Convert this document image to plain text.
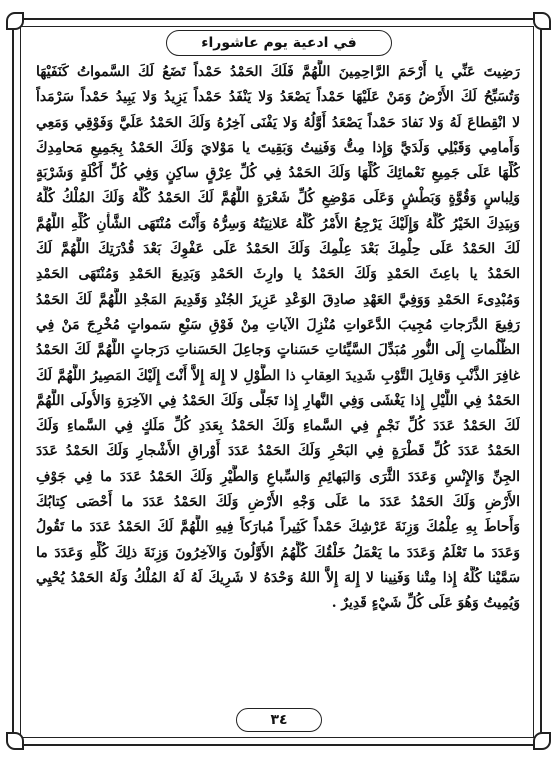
في ادعية يوم عاشوراء
رَضِيتَ عَنِّي يا أَرْحَمَ الرَّاحِمِينَ اللَّهُمَّ فَلَكَ الحَمْدُ حَمْداً تَضَعُ لَكَ السَّمواتُ كَنَفَيْهَا
وَتُسَبِّحُ لَكَ الأَرْضُ وَمَنْ عَلَيْهَا حَمْداً يَصْعَدُ وَلا يَنْفَدُ حَمْداً يَزِيدُ وَلا يَبِيدُ حَمْداً سَرْمَداً
لا انْقِطاعَ لَهُ وَلا نَفادَ حَمْداً يَصْعَدُ أَوَّلُهُ وَلا يَفْنَى آخِرُهُ وَلَكَ الحَمْدُ عَلَيَّ وَفَوْقِي وَمَعِي
وَأَمامِي وَقَبْلِي وَلَدَيَّ وَإِذا مِتُّ وَفَنِيتُ وَبَقِيتَ يا مَوْلايَ وَلَكَ الحَمْدُ بِجَمِيعِ مَحامِدِكَ
كُلِّهَا عَلَى جَمِيعِ نَعْمائِكَ كُلِّهَا وَلَكَ الحَمْدُ فِي كُلِّ عِرْقٍ ساكِنٍ وَفِي كُلِّ أَكْلَةٍ وَشَرْبَةٍ
وَلِباسٍ وَقُوَّةٍ وَبَطْشٍ وَعَلَى مَوْضِعِ كُلِّ شَعْرَةٍ اللَّهُمَّ لَكَ الحَمْدُ كُلُّهُ وَلَكَ المُلْكُ كُلُّهُ
وَبِيَدِكَ الخَيْرُ كُلُّهُ وَإِلَيْكَ يَرْجِعُ الأَمْرُ كُلُّهُ عَلانِيَتُهُ وَسِرُّهُ وَأَنْتَ مُنْتَهَى الشَّأْنِ كُلِّهِ اللَّهُمَّ
لَكَ الحَمْدُ عَلَى حِلْمِكَ بَعْدَ عِلْمِكَ وَلَكَ الحَمْدُ عَلَى عَفْوِكَ بَعْدَ قُدْرَتِكَ اللَّهُمَّ لَكَ
الحَمْدُ يا باعِثَ الحَمْدِ وَلَكَ الحَمْدُ يا وارِثَ الحَمْدِ وَبَدِيعَ الحَمْدِ وَمُنْتَهَى الحَمْدِ
وَمُبْدِىءَ الحَمْدِ وَوَفِيَّ العَهْدِ صادِقَ الوَعْدِ عَزِيزَ الجُنْدِ وَقَدِيمَ المَجْدِ اللَّهُمَّ لَكَ الحَمْدُ
رَفِيعَ الدَّرَجاتِ مُجِيبَ الدَّعَواتِ مُنْزِلَ الآياتِ مِنْ فَوْقِ سَبْعِ سَمواتٍ مُخْرِجَ مَنْ فِي
الظُّلُماتِ إِلَى النُّورِ مُبَدِّلَ السَّيِّئاتِ حَسَناتٍ وَجاعِلَ الحَسَناتِ دَرَجاتٍ اللَّهُمَّ لَكَ الحَمْدُ
غافِرَ الذَّنْبِ وَقابِلَ التَّوْبِ شَدِيدَ العِقابِ ذا الطَّوْلِ لا إِلهَ إِلاَّ أَنْتَ إِلَيْكَ المَصِيرُ اللَّهُمَّ لَكَ
الحَمْدُ فِي اللَّيْلِ إِذا يَغْشَى وَفِي النَّهارِ إِذا تَجَلَّى وَلَكَ الحَمْدُ فِي الآخِرَةِ وَالأُولَى اللَّهُمَّ
لَكَ الحَمْدُ عَدَدَ كُلِّ نَجْمٍ فِي السَّماءِ وَلَكَ الحَمْدُ بِعَدَدِ كُلِّ مَلَكٍ فِي السَّماءِ وَلَكَ
الحَمْدُ عَدَدَ كُلِّ قَطْرَةٍ فِي البَحْرِ وَلَكَ الحَمْدُ عَدَدَ أَوْراقِ الأَشْجارِ وَلَكَ الحَمْدُ عَدَدَ
الجِنِّ وَالإِنْسِ وَعَدَدَ الثَّرَى وَالبَهائِمِ وَالسِّباعِ وَالطَّيْرِ وَلَكَ الحَمْدُ عَدَدَ ما فِي جَوْفِ
الأَرْضِ وَلَكَ الحَمْدُ عَدَدَ ما عَلَى وَجْهِ الأَرْضِ وَلَكَ الحَمْدُ عَدَدَ ما أَحْصَى كِتابُكَ
وَأَحاطَ بِهِ عِلْمُكَ وَزِنَةَ عَرْشِكَ حَمْداً كَثِيراً مُبارَكاً فِيهِ اللَّهُمَّ لَكَ الحَمْدُ عَدَدَ ما تَقُولُ
وَعَدَدَ ما تَعْلَمُ وَعَدَدَ ما يَعْمَلُ خَلْقُكَ كُلُّهُمُ الأَوَّلُونَ وَالآخِرُونَ وَزِنَةَ ذلِكَ كُلِّهِ وَعَدَدَ ما
سَمَّيْنا كُلَّهُ إِذا مِتْنا وَفَنِينا لا إِلهَ إِلاَّ اللهُ وَحْدَهُ لا شَرِيكَ لَهُ لَهُ المُلْكُ وَلَهُ الحَمْدُ يُحْيِي
وَيُمِيتُ وَهُوَ عَلَى كُلِّ شَيْءٍ قَدِيرٌ .
٣٤
